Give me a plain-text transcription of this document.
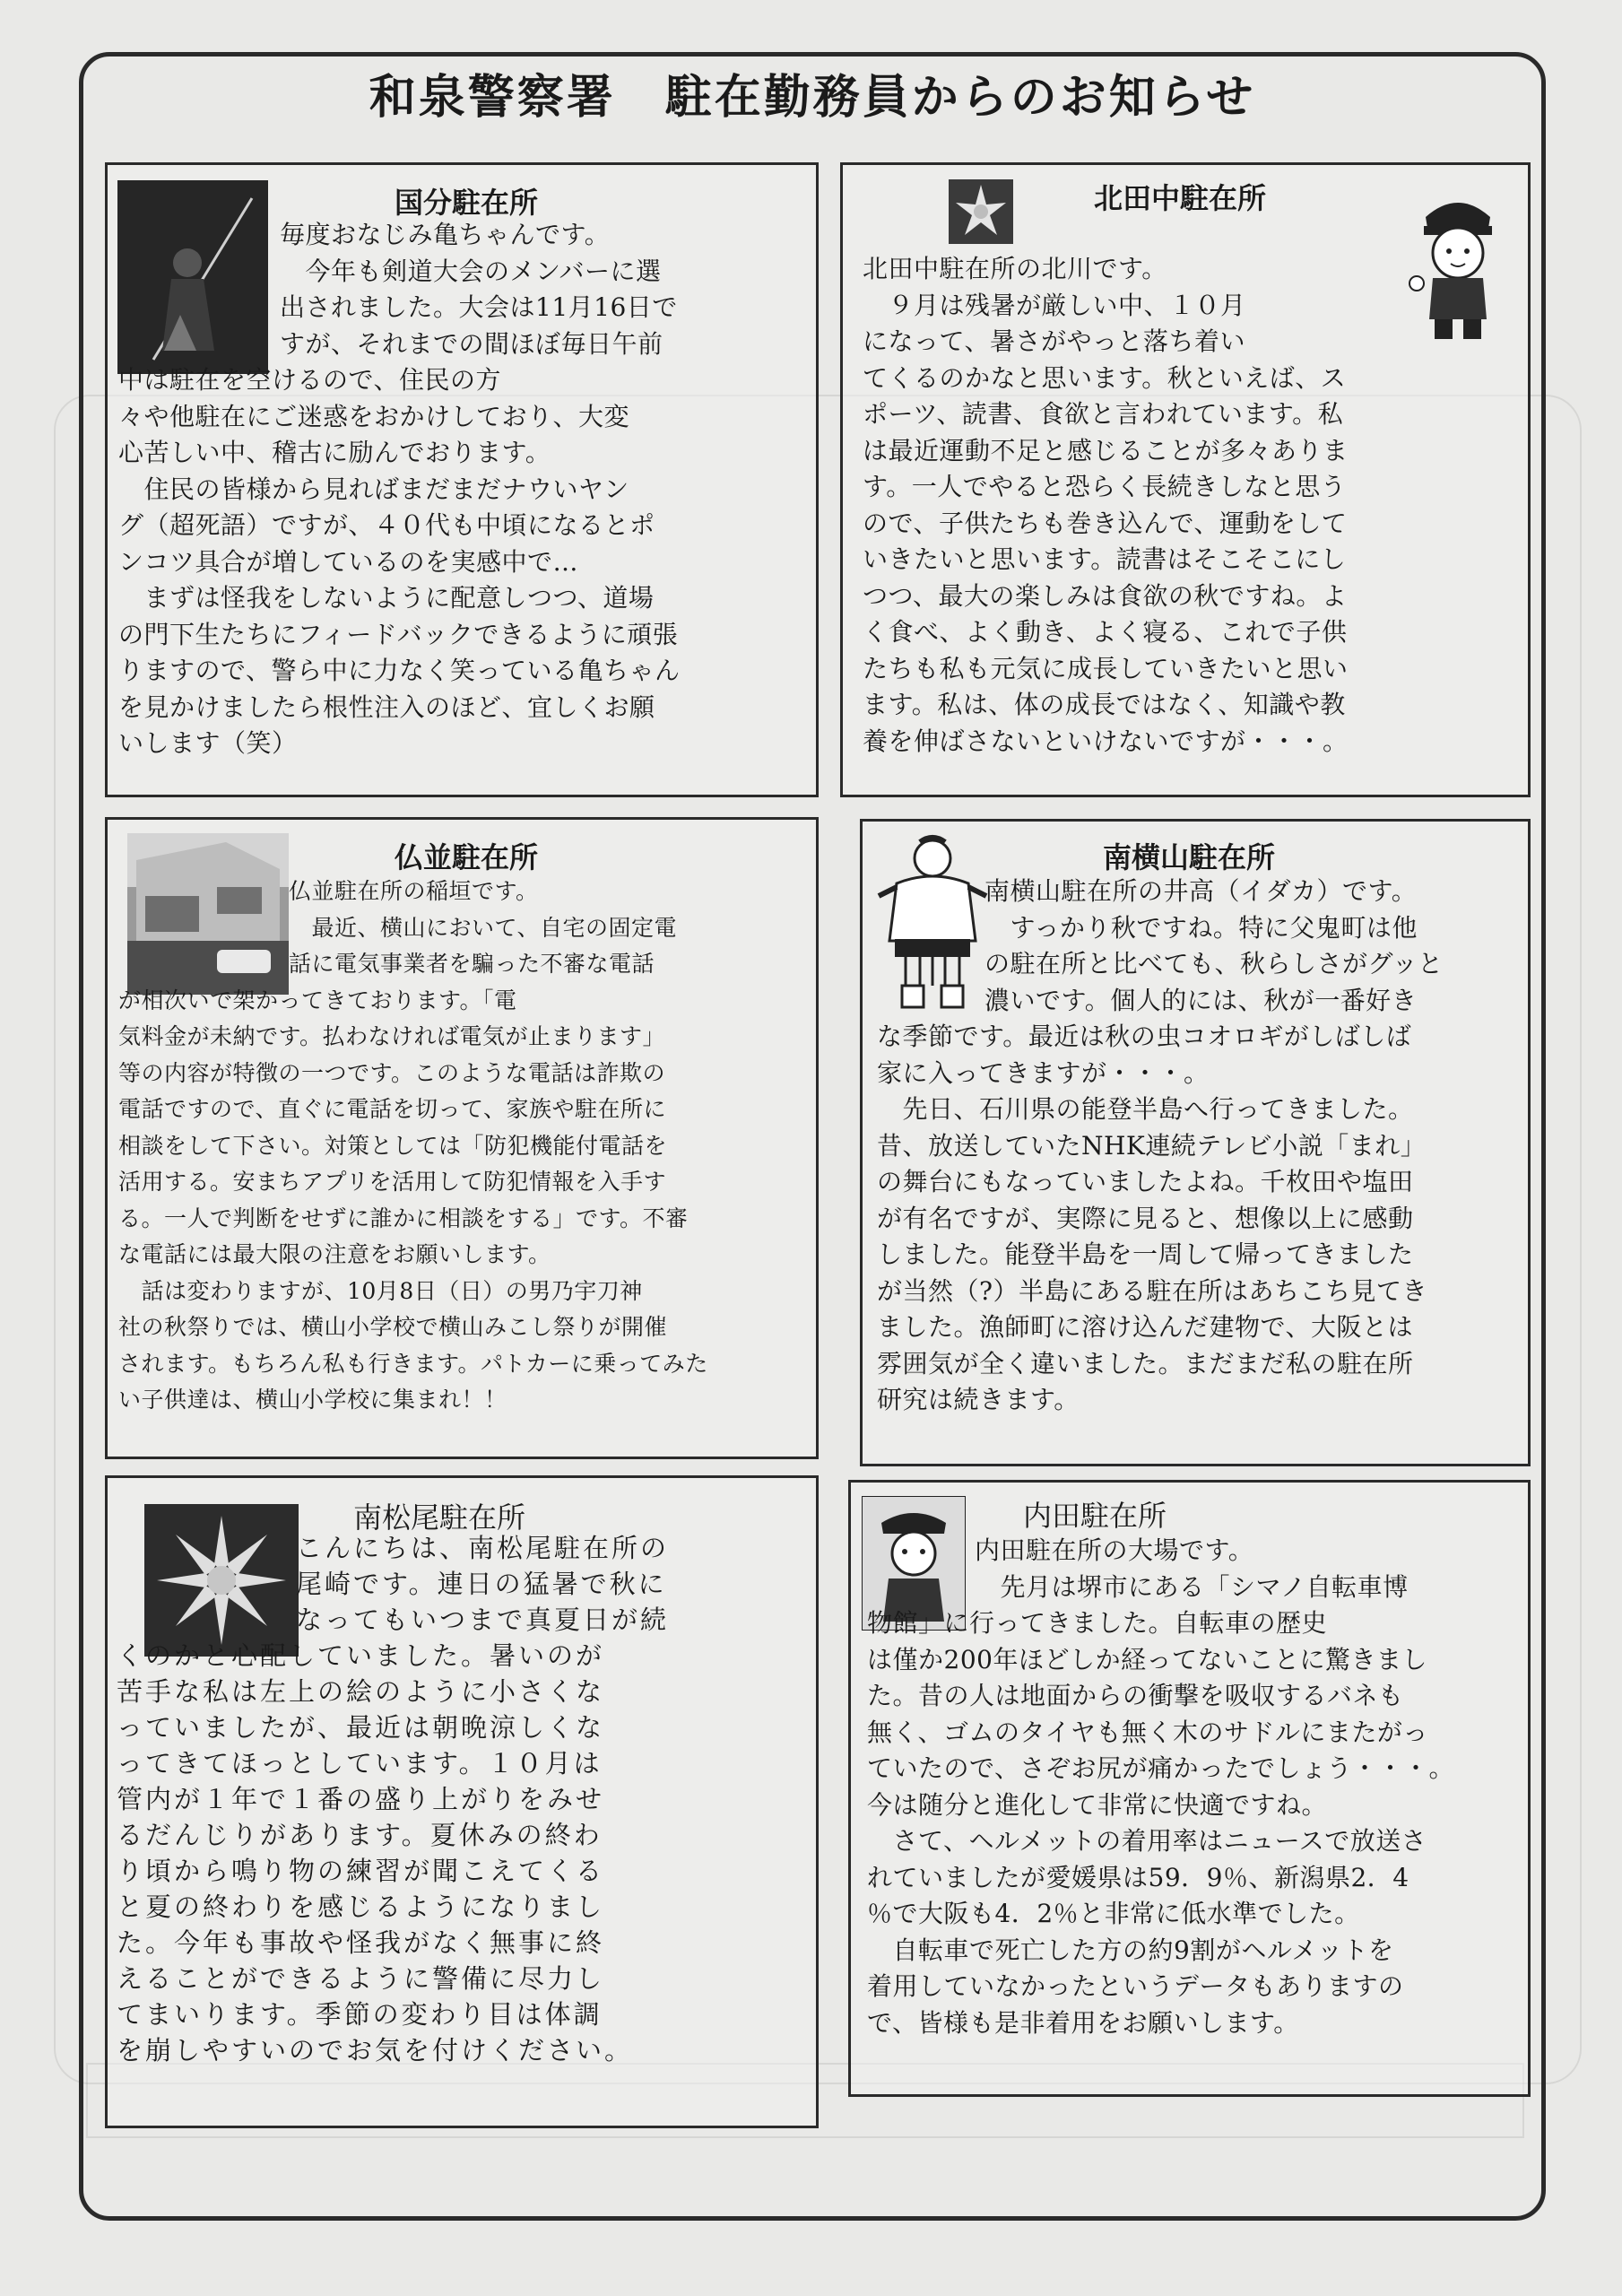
和泉警察署　駐在勤務員からのお知らせ
国分駐在所
毎度おなじみ亀ちゃんです。
　今年も剣道大会のメンバーに選
出されました。大会は11月16日で
すが、それまでの間ほぼ毎日午前
中は駐在を空けるので、住民の方
々や他駐在にご迷惑をおかけしており、大変
心苦しい中、稽古に励んでおります。
　住民の皆様から見ればまだまだナウいヤン
グ（超死語）ですが、４０代も中頃になるとポ
ンコツ具合が増しているのを実感中で…
　まずは怪我をしないように配意しつつ、道場
の門下生たちにフィードバックできるように頑張
りますので、警ら中に力なく笑っている亀ちゃん
を見かけましたら根性注入のほど、宜しくお願
いします（笑）
北田中駐在所
北田中駐在所の北川です。
　９月は残暑が厳しい中、１０月
になって、暑さがやっと落ち着い
てくるのかなと思います。秋といえば、ス
ポーツ、読書、食欲と言われています。私
は最近運動不足と感じることが多々ありま
す。一人でやると恐らく長続きしなと思う
ので、子供たちも巻き込んで、運動をして
いきたいと思います。読書はそこそこにし
つつ、最大の楽しみは食欲の秋ですね。よ
く食べ、よく動き、よく寝る、これで子供
たちも私も元気に成長していきたいと思い
ます。私は、体の成長ではなく、知識や教
養を伸ばさないといけないですが・・・。
仏並駐在所
仏並駐在所の稲垣です。
　最近、横山において、自宅の固定電
話に電気事業者を騙った不審な電話
が相次いで架かってきております。「電
気料金が未納です。払わなければ電気が止まります」
等の内容が特徴の一つです。このような電話は詐欺の
電話ですので、直ぐに電話を切って、家族や駐在所に
相談をして下さい。対策としては「防犯機能付電話を
活用する。安まちアプリを活用して防犯情報を入手す
る。一人で判断をせずに誰かに相談をする」です。不審
な電話には最大限の注意をお願いします。
　話は変わりますが、10月8日（日）の男乃宇刀神
社の秋祭りでは、横山小学校で横山みこし祭りが開催
されます。もちろん私も行きます。パトカーに乗ってみた
い子供達は、横山小学校に集まれ！！
南横山駐在所
南横山駐在所の井高（イダカ）です。
　すっかり秋ですね。特に父鬼町は他
の駐在所と比べても、秋らしさがグッと
濃いです。個人的には、秋が一番好き
な季節です。最近は秋の虫コオロギがしばしば
家に入ってきますが・・・。
　先日、石川県の能登半島へ行ってきました。
昔、放送していたNHK連続テレビ小説「まれ」
の舞台にもなっていましたよね。千枚田や塩田
が有名ですが、実際に見ると、想像以上に感動
しました。能登半島を一周して帰ってきました
が当然（?）半島にある駐在所はあちこち見てき
ました。漁師町に溶け込んだ建物で、大阪とは
雰囲気が全く違いました。まだまだ私の駐在所
研究は続きます。
南松尾駐在所
こんにちは、南松尾駐在所の
尾崎です。連日の猛暑で秋に
なってもいつまで真夏日が続
くのかと心配していました。暑いのが
苦手な私は左上の絵のように小さくな
っていましたが、最近は朝晩涼しくな
ってきてほっとしています。１０月は
管内が１年で１番の盛り上がりをみせ
るだんじりがあります。夏休みの終わ
り頃から鳴り物の練習が聞こえてくる
と夏の終わりを感じるようになりまし
た。今年も事故や怪我がなく無事に終
えることができるように警備に尽力し
てまいります。季節の変わり目は体調
を崩しやすいのでお気を付けください。
内田駐在所
内田駐在所の大場です。
　先月は堺市にある「シマノ自転車博
物館」に行ってきました。自転車の歴史
は僅か200年ほどしか経ってないことに驚きまし
た。昔の人は地面からの衝撃を吸収するバネも
無く、ゴムのタイヤも無く木のサドルにまたがっ
ていたので、さぞお尻が痛かったでしょう・・・。
今は随分と進化して非常に快適ですね。
　さて、ヘルメットの着用率はニュースで放送さ
れていましたが愛媛県は59．9％、新潟県2．4
％で大阪も4．2％と非常に低水準でした。
　自転車で死亡した方の約9割がヘルメットを
着用していなかったというデータもありますの
で、皆様も是非着用をお願いします。
